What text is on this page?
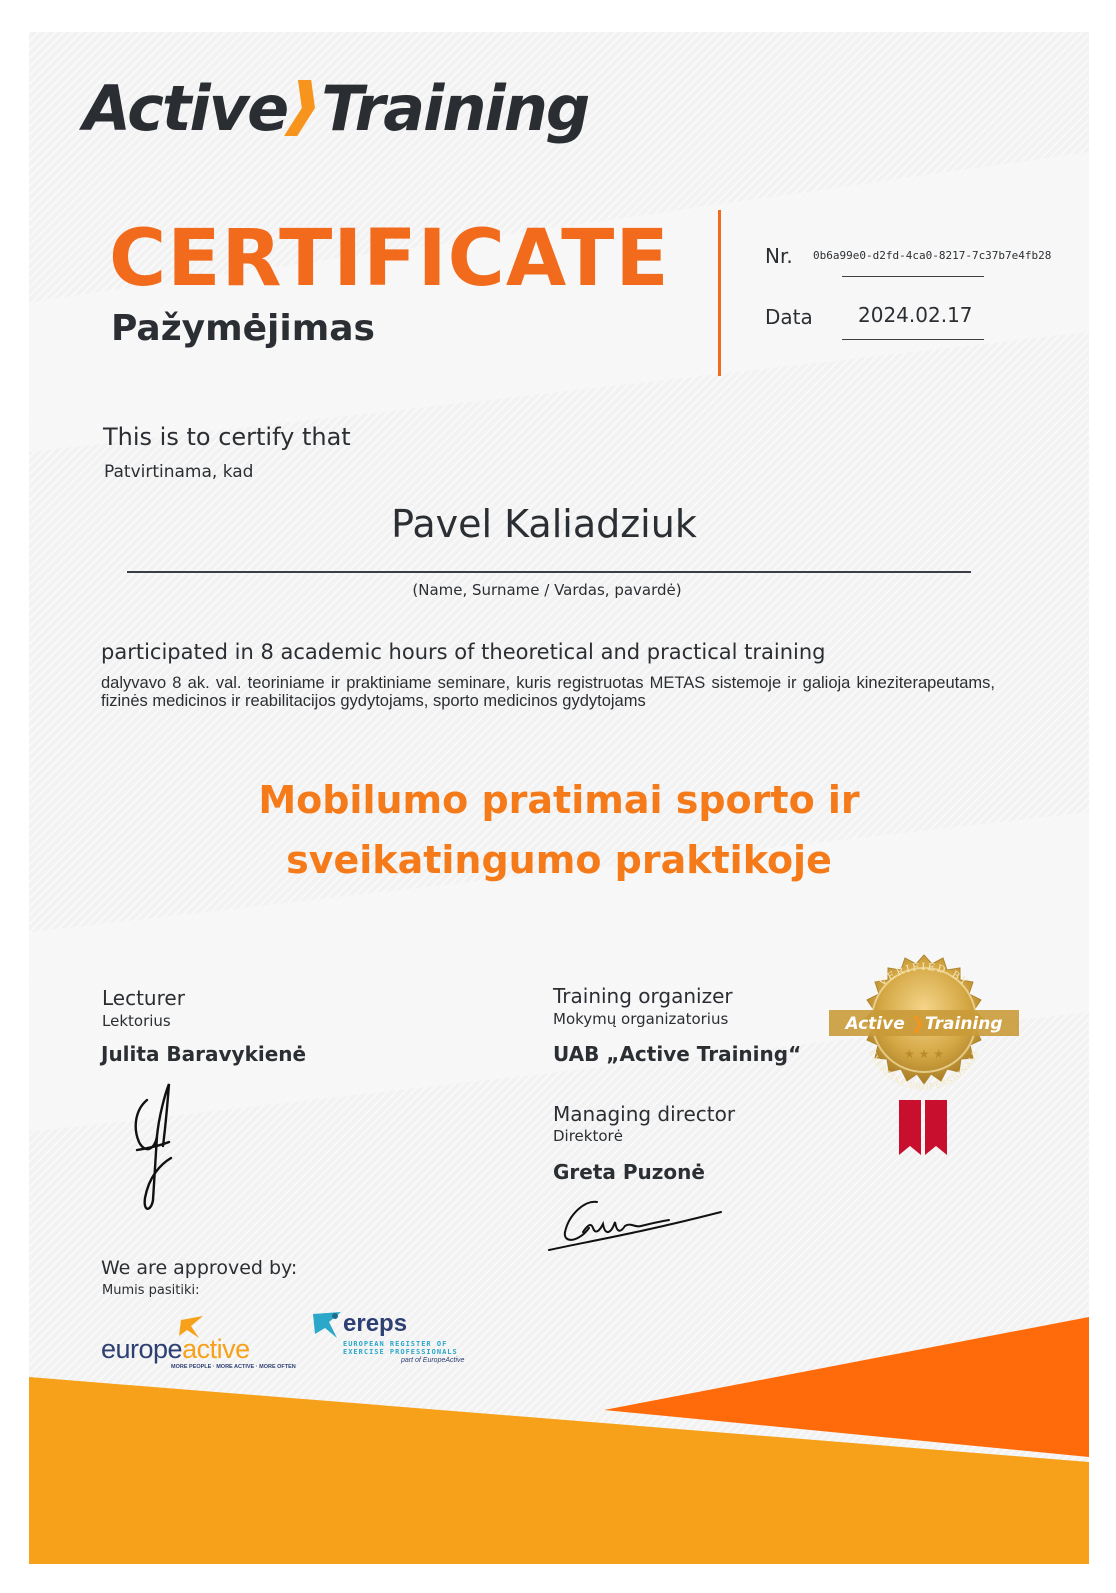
Active Training
CERTIFICATE
Pažymėjimas
Nr. 0b6a99e0-d2fd-4ca0-8217-7c37b7e4fb28
Data 2024.02.17
This is to certify that
Patvirtinama, kad
Pavel Kaliadziuk
(Name, Surname / Vardas, pavardė)
participated in 8 academic hours of theoretical and practical training
dalyvavo 8 ak. val. teoriniame ir praktiniame seminare, kuris registruotas METAS sistemoje ir galioja kineziterapeutams, fizinės medicinos ir reabilitacijos gydytojams, sporto medicinos gydytojams
Mobilumo pratimai sporto ir
sveikatingumo praktikoje
Lecturer
Lektorius
Julita Baravykienė
Training organizer
Mokymų organizatorius
UAB „Active Training“
Managing director
Direktorė
Greta Puzonė
VERIFIED BY
EXERCISE PROFESSIONALS
Active ❯Training
★ ★ ★
We are approved by:
Mumis pasitiki:
europeactive
MORE PEOPLE · MORE ACTIVE · MORE OFTEN
ereps
EUROPEAN REGISTER OF
EXERCISE PROFESSIONALS
part of EuropeActive
